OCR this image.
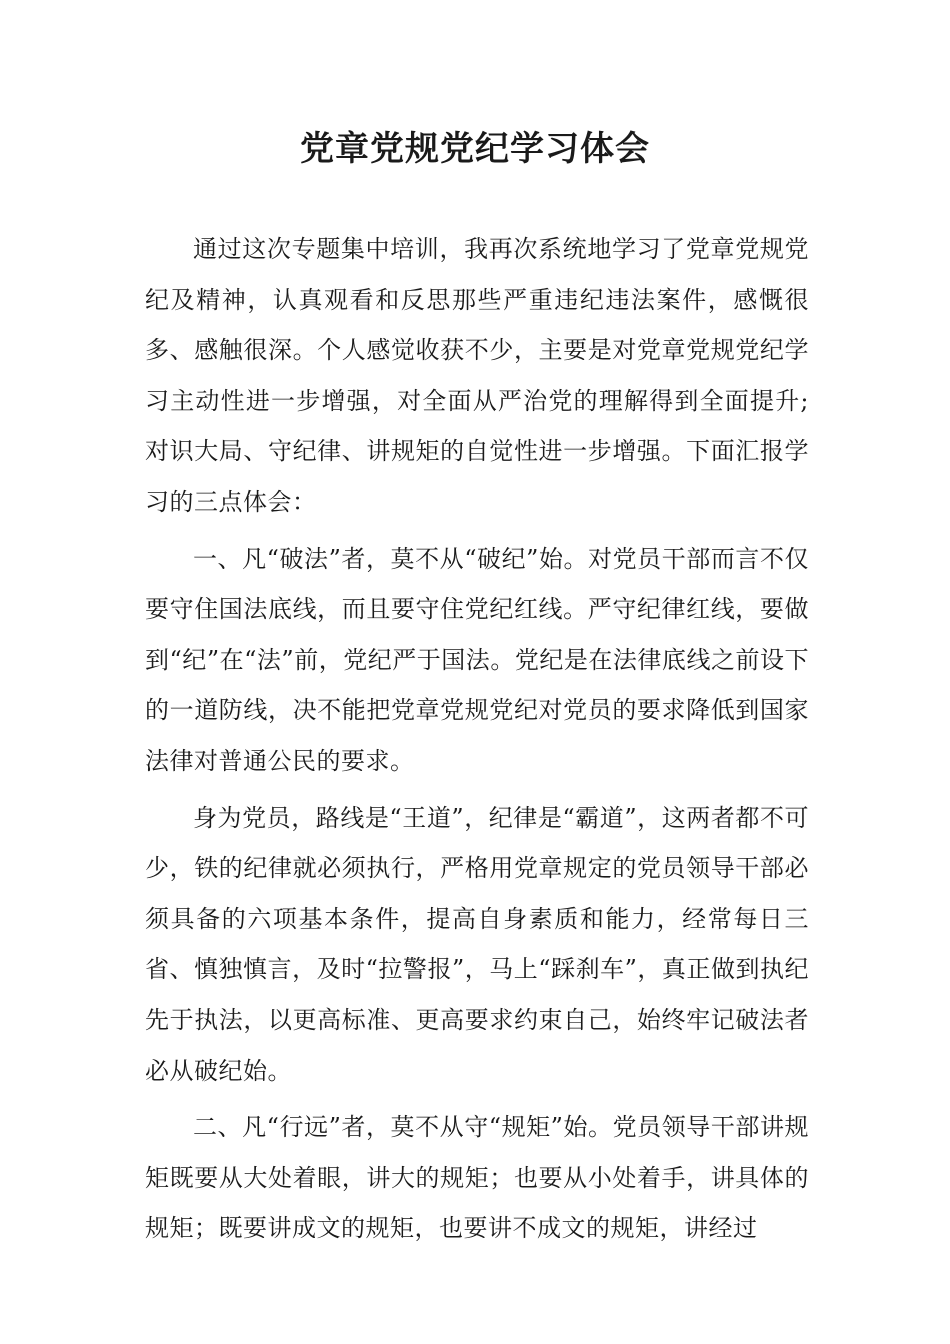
党章党规党纪学习体会

通过这次专题集中培训，我再次系统地学习了党章党规党纪及精神，认真观看和反思那些严重违纪违法案件，感慨很多、感触很深。个人感觉收获不少，主要是对党章党规党纪学习主动性进一步增强，对全面从严治党的理解得到全面提升;对识大局、守纪律、讲规矩的自觉性进一步增强。下面汇报学习的三点体会：

一、凡“破法”者，莫不从“破纪”始。对党员干部而言不仅要守住国法底线，而且要守住党纪红线。严守纪律红线，要做到“纪”在“法”前，党纪严于国法。党纪是在法律底线之前设下的一道防线，决不能把党章党规党纪对党员的要求降低到国家法律对普通公民的要求。

身为党员，路线是“王道”，纪律是“霸道”，这两者都不可少，铁的纪律就必须执行，严格用党章规定的党员领导干部必须具备的六项基本条件，提高自身素质和能力，经常每日三省、慎独慎言，及时“拉警报”，马上“踩刹车”，真正做到执纪先于执法，以更高标准、更高要求约束自己，始终牢记破法者必从破纪始。

二、凡“行远”者，莫不从守“规矩”始。党员领导干部讲规矩既要从大处着眼，讲大的规矩；也要从小处着手，讲具体的规矩；既要讲成文的规矩，也要讲不成文的规矩，讲经过
